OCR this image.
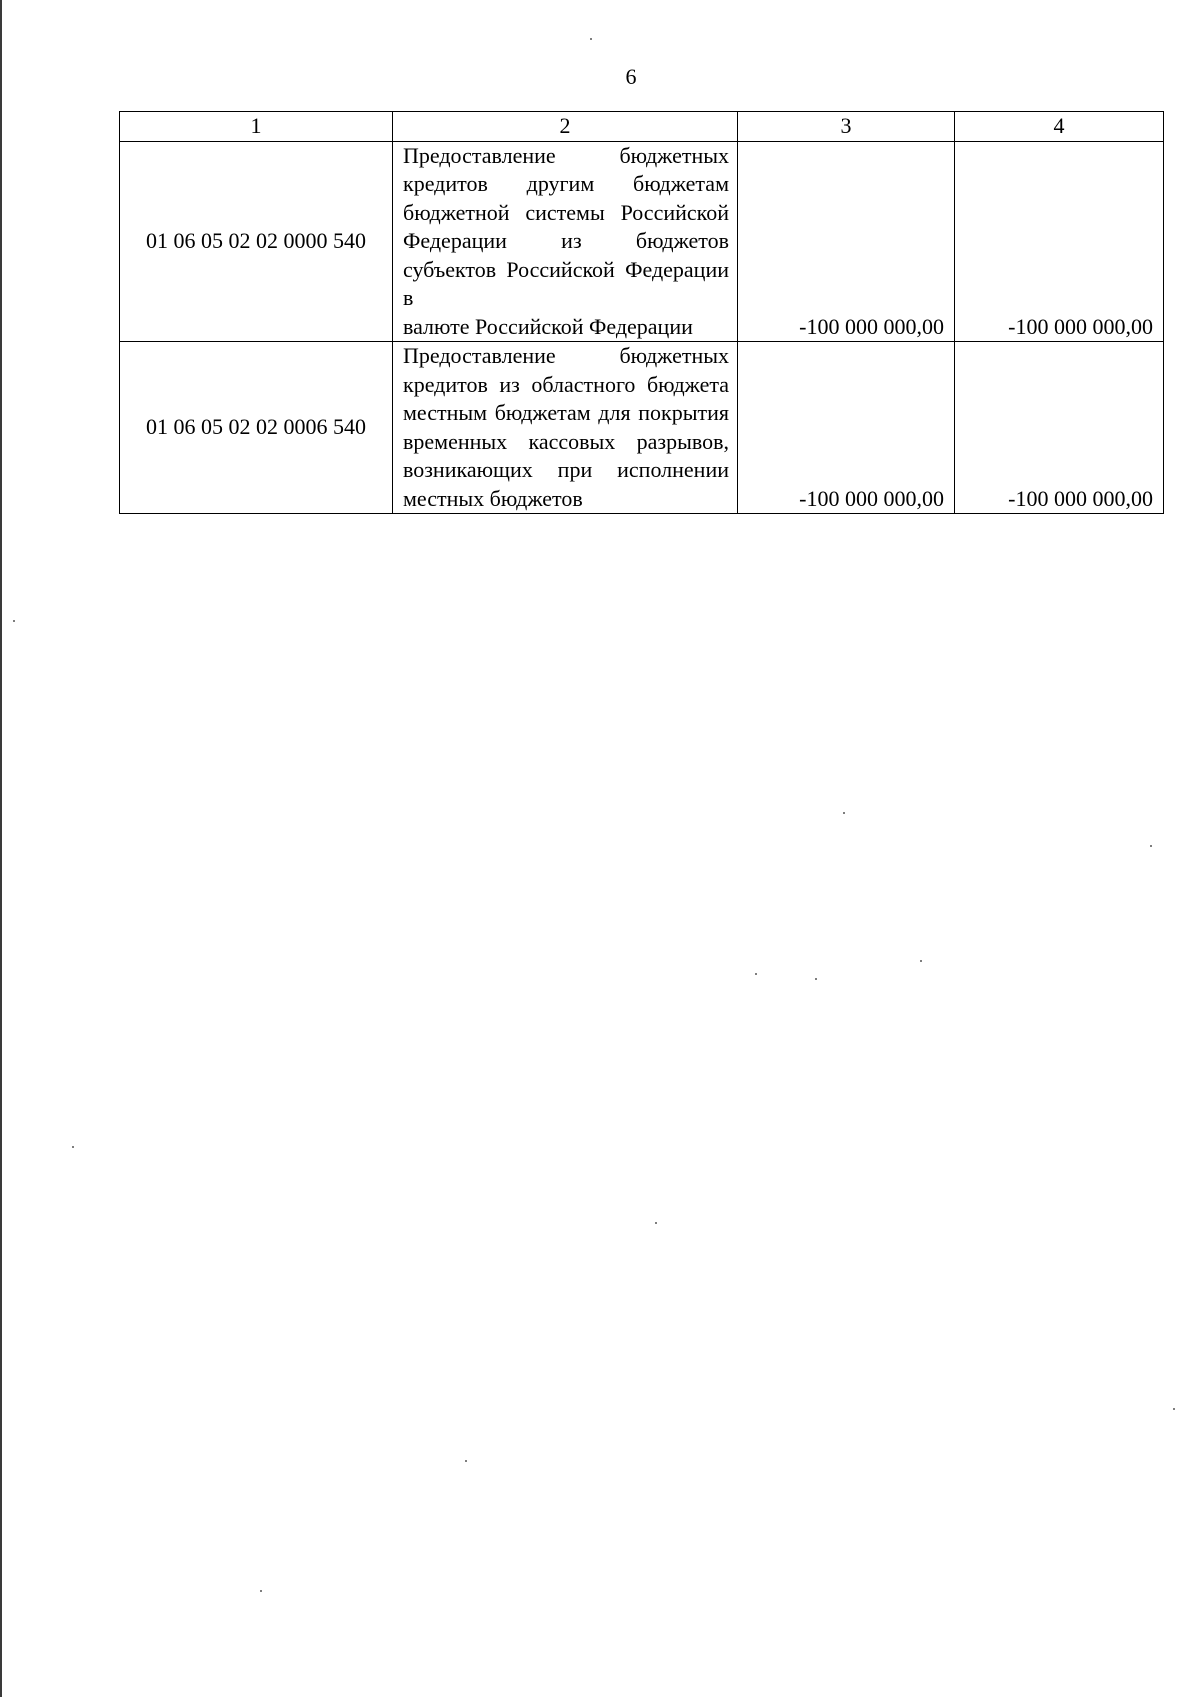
6
1	2	3	4
01 06 05 02 02 0000 540	Предоставление бюджетных кредитов другим бюджетам бюджетной системы Российской Федерации из бюджетов субъектов Российской Федерации в
валюте Российской Федерации	-100 000 000,00	-100 000 000,00
01 06 05 02 02 0006 540	Предоставление бюджетных кредитов из областного бюджета местным бюджетам для покрытия временных кассовых разрывов, возникающих при исполнении
местных бюджетов	-100 000 000,00	-100 000 000,00
